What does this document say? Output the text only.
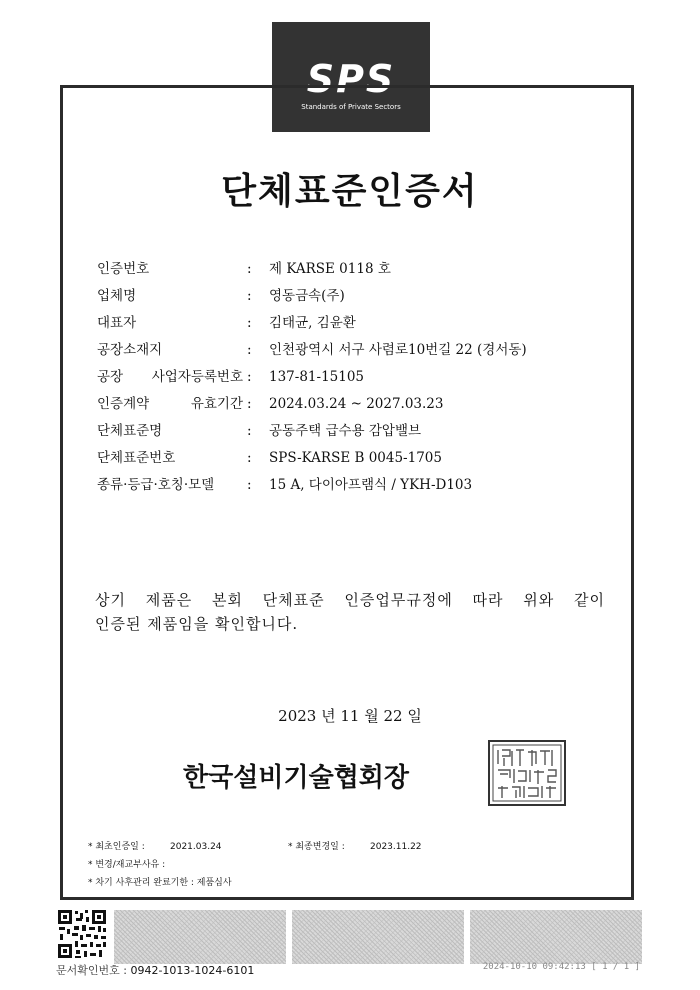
SPS
Standards of Private Sectors
단체표준인증서
인증번호	: 제 KARSE 0118 호
업체명	: 영동금속(주)
대표자	: 김태균, 김윤환
공장소재지	: 인천광역시 서구 사렴로10번길 22 (경서동)
공장 사업자등록번호 : 137-81-15105
인증계약 유효기간 : 2024.03.24 ~ 2027.03.23
단체표준명	: 공동주택 급수용 감압밸브
단체표준번호	: SPS-KARSE B 0045-1705
종류·등급·호칭·모델	: 15 A, 다이아프램식 / YKH-D103
상기 제품은 본회 단체표준 인증업무규정에 따라 위와 같이
인증된 제품임을 확인합니다.
2023 년 11 월 22 일
한국설비기술협회장
* 최초인증일 :	2021.03.24	* 최종변경일 :	2023.11.22
* 변경/재교부사유 :
* 차기 사후관리 완료기한 : 제품심사
문서확인번호 : 0942-1013-1024-6101	2024-10-10 09:42:13 [ 1 / 1 ]
